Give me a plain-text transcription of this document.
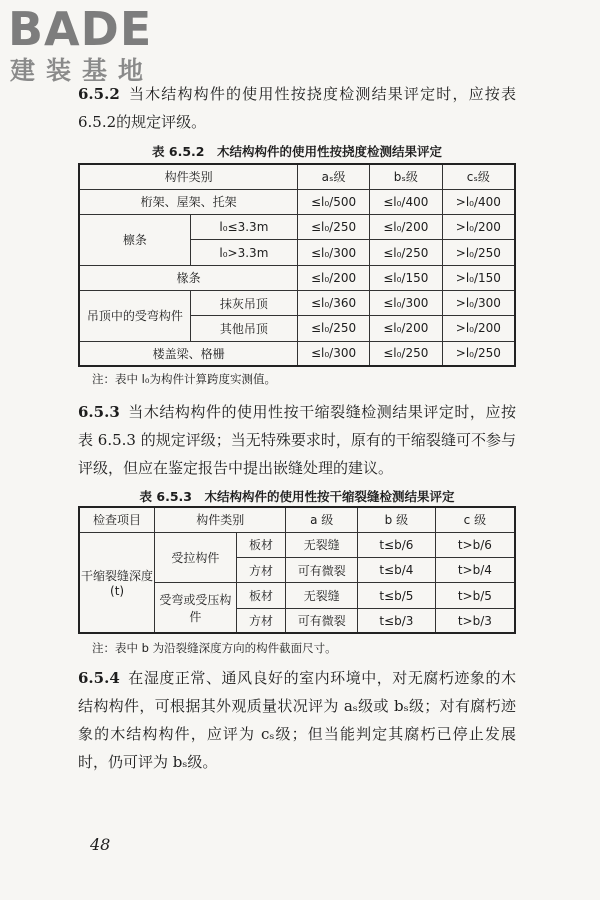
BADE
建装基地

6.5.2 当木结构构件的使用性按挠度检测结果评定时，应按表6.5.2的规定评级。

表 6.5.2　木结构构件的使用性按挠度检测结果评定
构件类别		aₛ级	bₛ级	cₛ级
桁架、屋架、托架		≤l₀/500	≤l₀/400	>l₀/400
檩条	l₀≤3.3m	≤l₀/250	≤l₀/200	>l₀/200
	l₀>3.3m	≤l₀/300	≤l₀/250	>l₀/250
椽条		≤l₀/200	≤l₀/150	>l₀/150
吊顶中的受弯构件	抹灰吊顶	≤l₀/360	≤l₀/300	>l₀/300
	其他吊顶	≤l₀/250	≤l₀/200	>l₀/200
楼盖梁、格栅		≤l₀/300	≤l₀/250	>l₀/250
注：表中 l₀为构件计算跨度实测值。

6.5.3 当木结构构件的使用性按干缩裂缝检测结果评定时，应按表 6.5.3 的规定评级；当无特殊要求时，原有的干缩裂缝可不参与评级，但应在鉴定报告中提出嵌缝处理的建议。

表 6.5.3　木结构构件的使用性按干缩裂缝检测结果评定
检查项目	构件类别		a 级	b 级	c 级

干缩裂缝深度
(t)	受拉构件	板材	无裂缝	t≤b/6	t>b/6
		方材	可有微裂	t≤b/4	t>b/4
	受弯或受压构件	板材	无裂缝	t≤b/5	t>b/5
		方材	可有微裂	t≤b/3	t>b/3
注：表中 b 为沿裂缝深度方向的构件截面尺寸。

6.5.4 在湿度正常、通风良好的室内环境中，对无腐朽迹象的木结构构件，可根据其外观质量状况评为 aₛ级或 bₛ级；对有腐朽迹象的木结构构件，应评为 cₛ级；但当能判定其腐朽已停止发展时，仍可评为 bₛ级。

48
